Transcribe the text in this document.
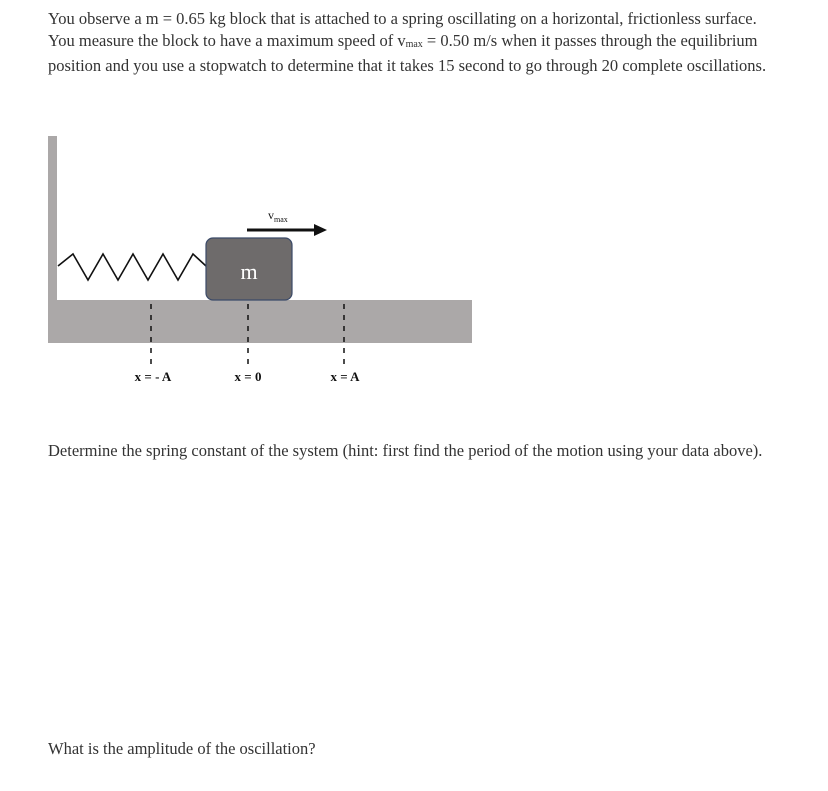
You observe a m = 0.65 kg block that is attached to a spring oscillating on a horizontal, frictionless surface.
You measure the block to have a maximum speed of vmax = 0.50 m/s when it passes through the equilibrium position and you use a stopwatch to determine that it takes 15 second to go through 20 complete oscillations.

m
$v_{max}$
x = - A	x = 0	x = A

Determine the spring constant of the system (hint: first find the period of the motion using your data above).

What is the amplitude of the oscillation?
